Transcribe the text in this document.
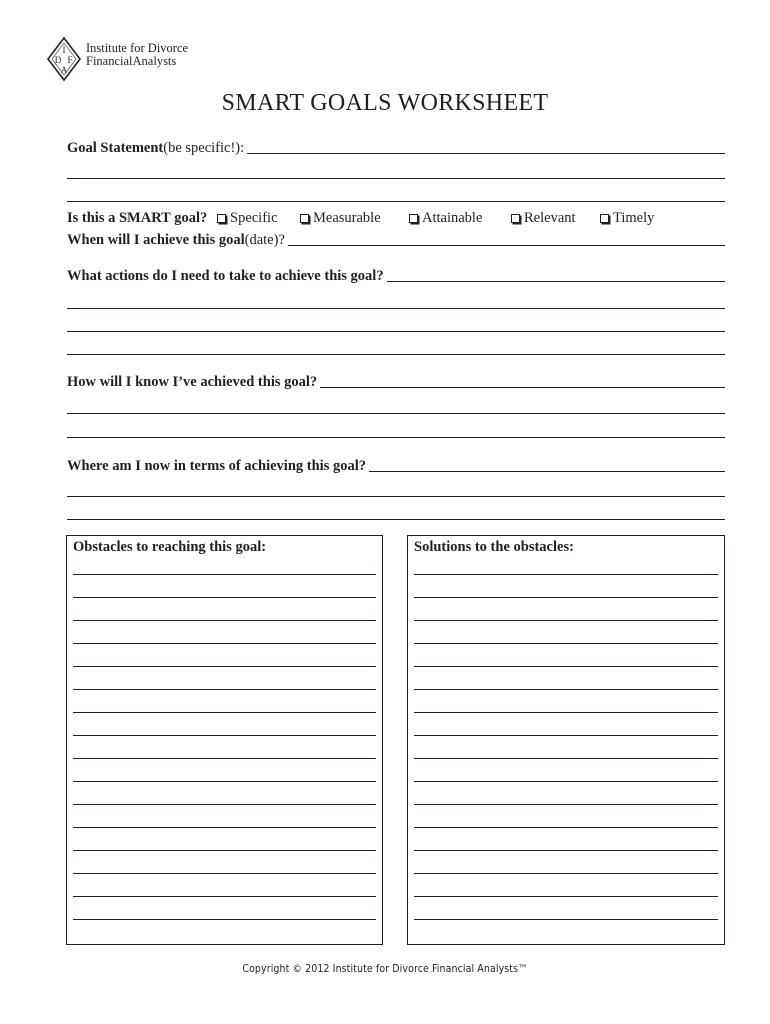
I
D F
A
Institute for Divorce
FinancialAnalysts
SMART GOALS WORKSHEET
Goal Statement (be specific!):
Is this a SMART goal? Specific Measurable	Attainable	Relevant	Timely
When will I achieve this goal (date)?
What actions do I need to take to achieve this goal?
How will I know I’ve achieved this goal?
Where am I now in terms of achieving this goal?
Obstacles to reaching this goal:	Solutions to the obstacles:
Copyright © 2012 Institute for Divorce Financial Analysts™
